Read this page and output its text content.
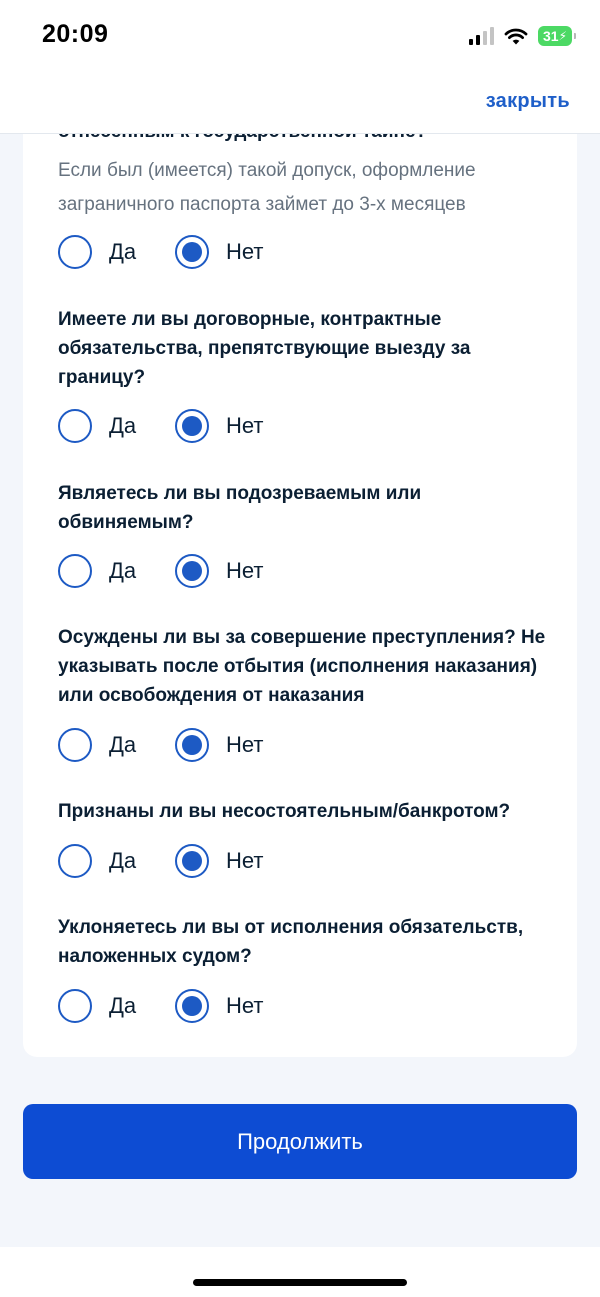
20:09	31 ⚡
закрыть
Если был (имеется) такой допуск, оформление заграничного паспорта займет до 3-х месяцев
Да	Нет
Имеете ли вы договорные, контрактные обязательства, препятствующие выезду за границу?
Да	Нет
Являетесь ли вы подозреваемым или обвиняемым?
Да	Нет
Осуждены ли вы за совершение преступления? Не указывать после отбытия (исполнения наказания) или освобождения от наказания
Да	Нет
Признаны ли вы несостоятельным/банкротом?
Да	Нет
Уклоняетесь ли вы от исполнения обязательств, наложенных судом?
Да	Нет
Продолжить
